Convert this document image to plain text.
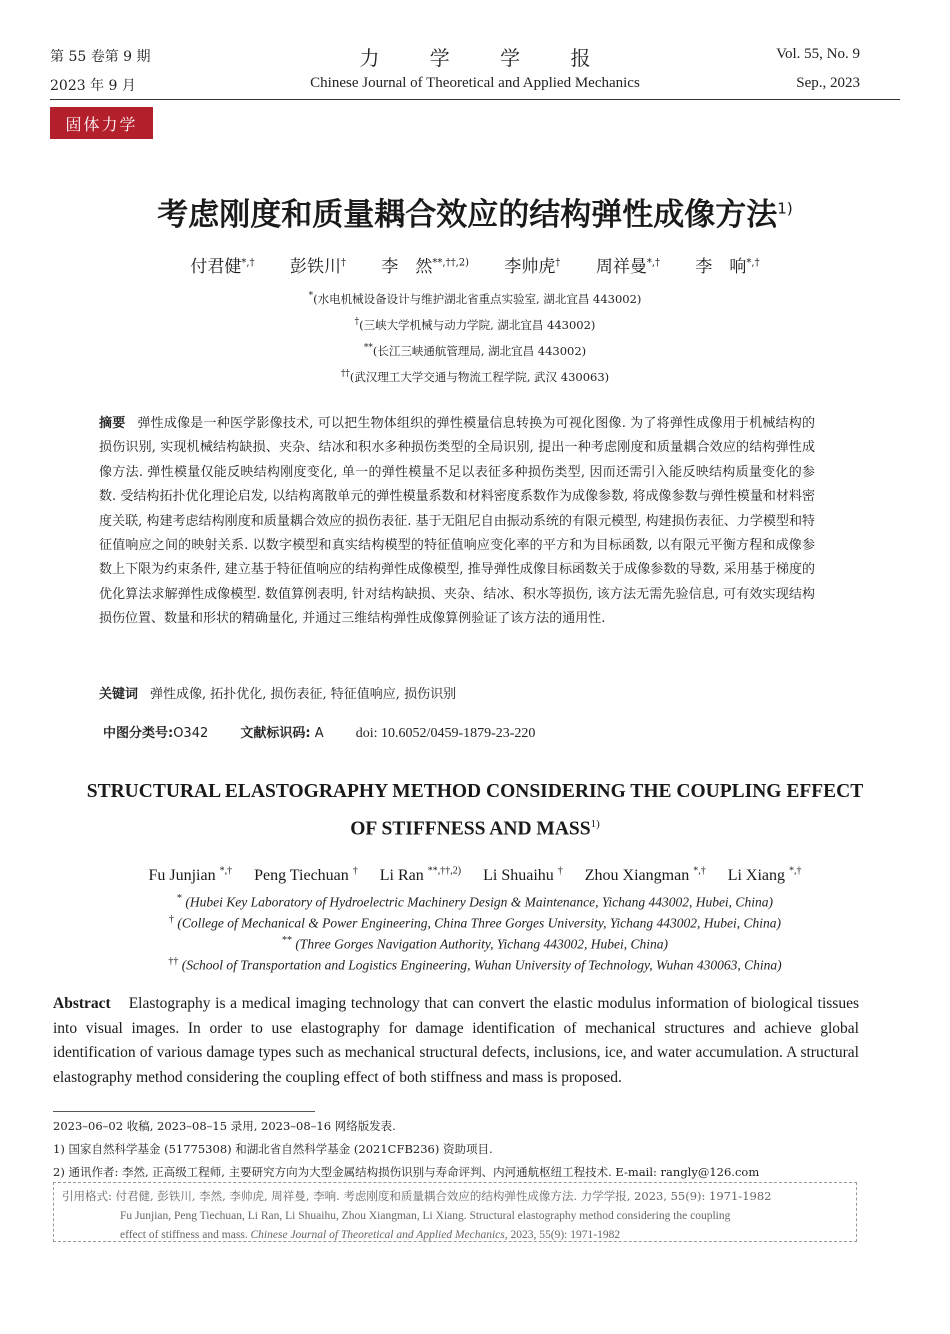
第 55 卷第 9 期	力 学 学 报	Vol. 55, No. 9
2023 年 9 月	Chinese Journal of Theoretical and Applied Mechanics	Sep., 2023
固体力学
考虑刚度和质量耦合效应的结构弹性成像方法$^{1)}$
付君健*,† 彭铁川† 李　然$^{**,\dagger\dagger,2)}$ 李帅虎† 周祥曼*,† 李　响*,†
*(水电机械设备设计与维护湖北省重点实验室, 湖北宜昌 443002)
†(三峡大学机械与动力学院, 湖北宜昌 443002)
**(长江三峡通航管理局, 湖北宜昌 443002)
††(武汉理工大学交通与物流工程学院, 武汉 430063)
摘要 弹性成像是一种医学影像技术, 可以把生物体组织的弹性模量信息转换为可视化图像. 为了将弹性成像用于机械结构的损伤识别, 实现机械结构缺损、夹杂、结冰和积水多种损伤类型的全局识别, 提出一种考虑刚度和质量耦合效应的结构弹性成像方法. 弹性模量仅能反映结构刚度变化, 单一的弹性模量不足以表征多种损伤类型, 因而还需引入能反映结构质量变化的参数. 受结构拓扑优化理论启发, 以结构离散单元的弹性模量系数和材料密度系数作为成像参数, 将成像参数与弹性模量和材料密度关联, 构建考虑结构刚度和质量耦合效应的损伤表征. 基于无阻尼自由振动系统的有限元模型, 构建损伤表征、力学模型和特征值响应之间的映射关系. 以数字模型和真实结构模型的特征值响应变化率的平方和为目标函数, 以有限元平衡方程和成像参数上下限为约束条件, 建立基于特征值响应的结构弹性成像模型, 推导弹性成像目标函数关于成像参数的导数, 采用基于梯度的优化算法求解弹性成像模型. 数值算例表明, 针对结构缺损、夹杂、结冰、积水等损伤, 该方法无需先验信息, 可有效实现结构损伤位置、数量和形状的精确量化, 并通过三维结构弹性成像算例验证了该方法的通用性.
关键词 弹性成像, 拓扑优化, 损伤表征, 特征值响应, 损伤识别
中图分类号:O342 文献标识码: A doi: 10.6052/0459-1879-23-220
STRUCTURAL ELASTOGRAPHY METHOD CONSIDERING THE COUPLING EFFECT
OF STIFFNESS AND MASS$^{1)}$
Fu Junjian *,† Peng Tiechuan † Li Ran $^{**,\dagger\dagger,2)}$ Li Shuaihu † Zhou Xiangman *,† Li Xiang *,†
* (Hubei Key Laboratory of Hydroelectric Machinery Design & Maintenance, Yichang 443002, Hubei, China)
† (College of Mechanical & Power Engineering, China Three Gorges University, Yichang 443002, Hubei, China)
** (Three Gorges Navigation Authority, Yichang 443002, Hubei, China)
†† (School of Transportation and Logistics Engineering, Wuhan University of Technology, Wuhan 430063, China)
Abstract Elastography is a medical imaging technology that can convert the elastic modulus information of biological tissues into visual images. In order to use elastography for damage identification of mechanical structures and achieve global identification of various damage types such as mechanical structural defects, inclusions, ice, and water accumulation. A structural elastography method considering the coupling effect of both stiffness and mass is proposed.
2023–06–02 收稿, 2023–08–15 录用, 2023–08–16 网络版发表.
1) 国家自然科学基金 (51775308) 和湖北省自然科学基金 (2021CFB236) 资助项目.
2) 通讯作者: 李然, 正高级工程师, 主要研究方向为大型金属结构损伤识别与寿命评判、内河通航枢纽工程技术. E-mail: rangly@126.com
引用格式: 付君健, 彭铁川, 李然, 李帅虎, 周祥曼, 李响. 考虑刚度和质量耦合效应的结构弹性成像方法. 力学学报, 2023, 55(9): 1971-1982
Fu Junjian, Peng Tiechuan, Li Ran, Li Shuaihu, Zhou Xiangman, Li Xiang. Structural elastography method considering the coupling
effect of stiffness and mass. Chinese Journal of Theoretical and Applied Mechanics, 2023, 55(9): 1971-1982
